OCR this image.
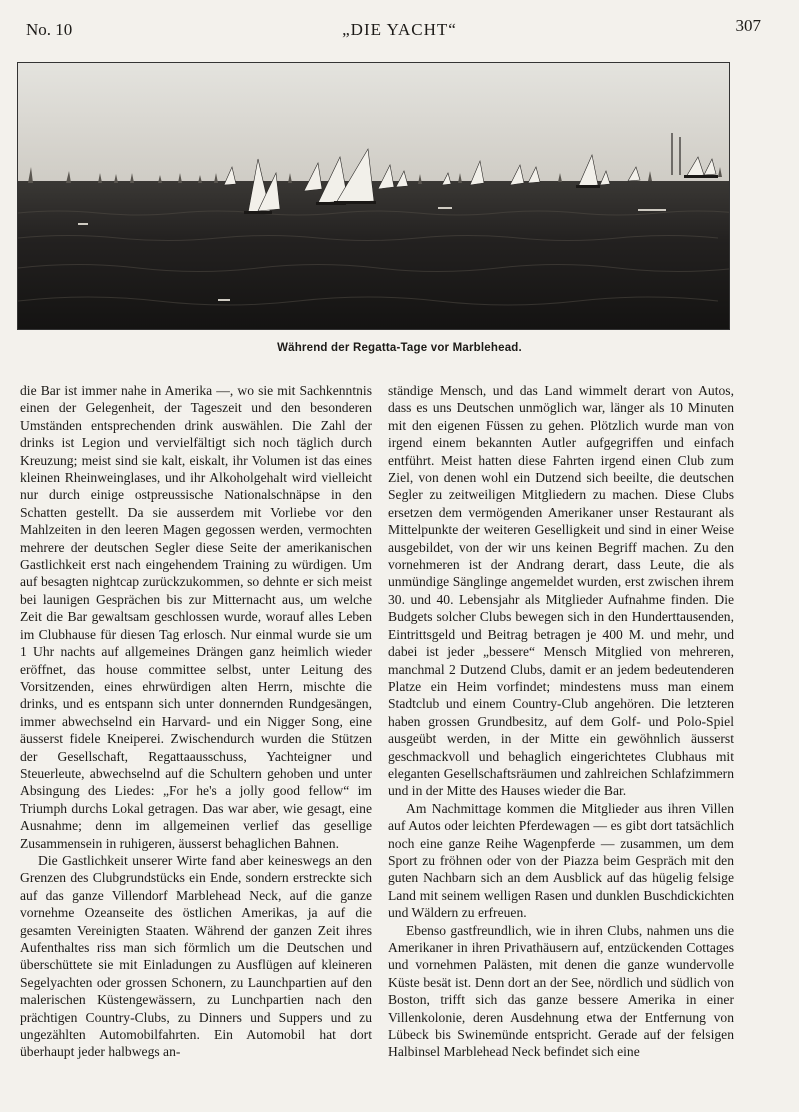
No. 10	„DIE YACHT“	307
Während der Regatta-Tage vor Marblehead.

die Bar ist immer nahe in Amerika —, wo sie mit Sachkenntnis einen der Gelegenheit, der Tageszeit und den besonderen Umständen entsprechenden drink auswählen. Die Zahl der drinks ist Legion und vervielfältigt sich noch täglich durch Kreuzung; meist sind sie kalt, eiskalt, ihr Volumen ist das eines kleinen Rheinweinglases, und ihr Alkoholgehalt wird vielleicht nur durch einige ostpreussische Nationalschnäpse in den Schatten gestellt. Da sie ausserdem mit Vorliebe vor den Mahlzeiten in den leeren Magen gegossen werden, vermochten mehrere der deutschen Segler diese Seite der amerikanischen Gastlichkeit erst nach eingehendem Training zu würdigen. Um auf besagten nightcap zurückzukommen, so dehnte er sich meist bei launigen Gesprächen bis zur Mitternacht aus, um welche Zeit die Bar gewaltsam geschlossen wurde, worauf alles Leben im Clubhause für diesen Tag erlosch. Nur einmal wurde sie um 1 Uhr nachts auf allgemeines Drängen ganz heimlich wieder eröffnet, das house committee selbst, unter Leitung des Vorsitzenden, eines ehrwürdigen alten Herrn, mischte die drinks, und es entspann sich unter donnernden Rundgesängen, immer abwechselnd ein Harvard- und ein Nigger Song, eine äusserst fidele Kneiperei. Zwischendurch wurden die Stützen der Gesellschaft, Regattaausschuss, Yachteigner und Steuerleute, abwechselnd auf die Schultern gehoben und unter Absingung des Liedes: „For he's a jolly good fellow“ im Triumph durchs Lokal getragen. Das war aber, wie gesagt, eine Ausnahme; denn im allgemeinen verlief das gesellige Zusammensein in ruhigeren, äusserst behaglichen Bahnen.

Die Gastlichkeit unserer Wirte fand aber keineswegs an den Grenzen des Clubgrundstücks ein Ende, sondern erstreckte sich auf das ganze Villendorf Marblehead Neck, auf die ganze vornehme Ozeanseite des östlichen Amerikas, ja auf die gesamten Vereinigten Staaten. Während der ganzen Zeit ihres Aufenthaltes riss man sich förmlich um die Deutschen und überschüttete sie mit Einladungen zu Ausflügen auf kleineren Segelyachten oder grossen Schonern, zu Launchpartien auf den malerischen Küstengewässern, zu Lunchpartien nach den prächtigen Country-Clubs, zu Dinners und Suppers und zu ungezählten Automobilfahrten. Ein Automobil hat dort überhaupt jeder halbwegs an-

ständige Mensch, und das Land wimmelt derart von Autos, dass es uns Deutschen unmöglich war, länger als 10 Minuten mit den eigenen Füssen zu gehen. Plötzlich wurde man von irgend einem bekannten Autler aufgegriffen und einfach entführt. Meist hatten diese Fahrten irgend einen Club zum Ziel, von denen wohl ein Dutzend sich beeilte, die deutschen Segler zu zeitweiligen Mitgliedern zu machen. Diese Clubs ersetzen dem vermögenden Amerikaner unser Restaurant als Mittelpunkte der weiteren Geselligkeit und sind in einer Weise ausgebildet, von der wir uns keinen Begriff machen. Zu den vornehmeren ist der Andrang derart, dass Leute, die als unmündige Sänglinge angemeldet wurden, erst zwischen ihrem 30. und 40. Lebensjahr als Mitglieder Aufnahme finden. Die Budgets solcher Clubs bewegen sich in den Hunderttausenden, Eintrittsgeld und Beitrag betragen je 400 M. und mehr, und dabei ist jeder „bessere“ Mensch Mitglied von mehreren, manchmal 2 Dutzend Clubs, damit er an jedem bedeutenderen Platze ein Heim vorfindet; mindestens muss man einem Stadtclub und einem Country-Club angehören. Die letzteren haben grossen Grundbesitz, auf dem Golf- und Polo-Spiel ausgeübt werden, in der Mitte ein gewöhnlich äusserst geschmackvoll und behaglich eingerichtetes Clubhaus mit eleganten Gesellschaftsräumen und zahlreichen Schlafzimmern und in der Mitte des Hauses wieder die Bar.

Am Nachmittage kommen die Mitglieder aus ihren Villen auf Autos oder leichten Pferdewagen — es gibt dort tatsächlich noch eine ganze Reihe Wagenpferde — zusammen, um dem Sport zu fröhnen oder von der Piazza beim Gespräch mit den guten Nachbarn sich an dem Ausblick auf das hügelig felsige Land mit seinem welligen Rasen und dunklen Buschdickichten und Wäldern zu erfreuen.

Ebenso gastfreundlich, wie in ihren Clubs, nahmen uns die Amerikaner in ihren Privathäusern auf, entzückenden Cottages und vornehmen Palästen, mit denen die ganze wundervolle Küste besät ist. Denn dort an der See, nördlich und südlich von Boston, trifft sich das ganze bessere Amerika in einer Villenkolonie, deren Ausdehnung etwa der Entfernung von Lübeck bis Swinemünde entspricht. Gerade auf der felsigen Halbinsel Marblehead Neck befindet sich eine
